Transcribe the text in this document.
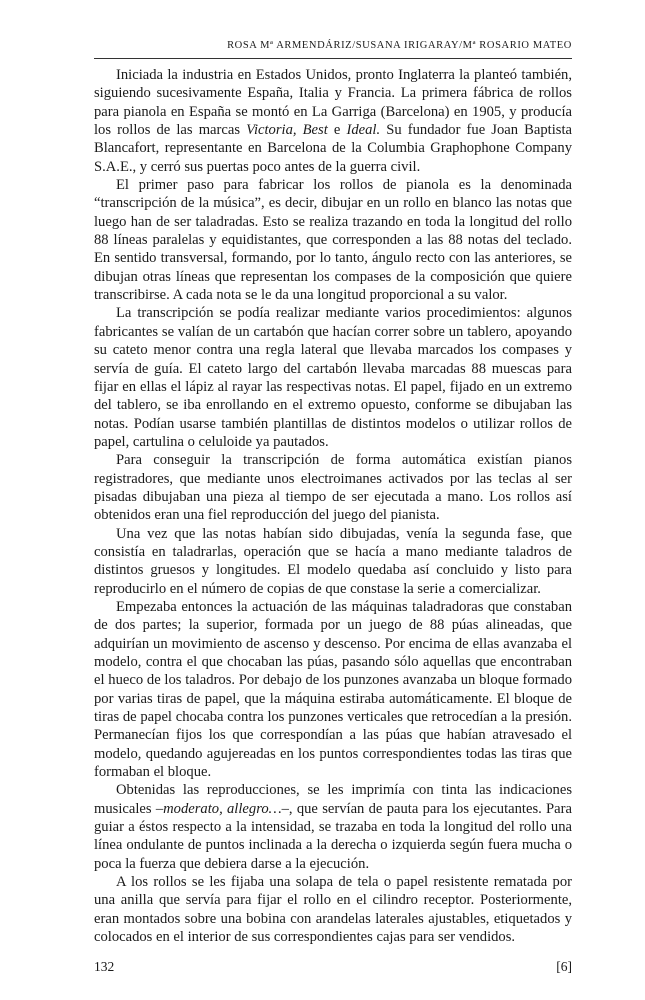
ROSA Mª ARMENDÁRIZ/SUSANA IRIGARAY/Mª ROSARIO MATEO

Iniciada la industria en Estados Unidos, pronto Inglaterra la planteó también, siguiendo sucesivamente España, Italia y Francia. La primera fábrica de rollos para pianola en España se montó en La Garriga (Barcelona) en 1905, y producía los rollos de las marcas Victoria, Best e Ideal. Su fundador fue Joan Baptista Blancafort, representante en Barcelona de la Columbia Graphophone Company S.A.E., y cerró sus puertas poco antes de la guerra civil.

El primer paso para fabricar los rollos de pianola es la denominada “transcripción de la música”, es decir, dibujar en un rollo en blanco las notas que luego han de ser taladradas. Esto se realiza trazando en toda la longitud del rollo 88 líneas paralelas y equidistantes, que corresponden a las 88 notas del teclado. En sentido transversal, formando, por lo tanto, ángulo recto con las anteriores, se dibujan otras líneas que representan los compases de la composición que quiere transcribirse. A cada nota se le da una longitud proporcional a su valor.

La transcripción se podía realizar mediante varios procedimientos: algunos fabricantes se valían de un cartabón que hacían correr sobre un tablero, apoyando su cateto menor contra una regla lateral que llevaba marcados los compases y servía de guía. El cateto largo del cartabón llevaba marcadas 88 muescas para fijar en ellas el lápiz al rayar las respectivas notas. El papel, fijado en un extremo del tablero, se iba enrollando en el extremo opuesto, conforme se dibujaban las notas. Podían usarse también plantillas de distintos modelos o utilizar rollos de papel, cartulina o celuloide ya pautados.

Para conseguir la transcripción de forma automática existían pianos registradores, que mediante unos electroimanes activados por las teclas al ser pisadas dibujaban una pieza al tiempo de ser ejecutada a mano. Los rollos así obtenidos eran una fiel reproducción del juego del pianista.

Una vez que las notas habían sido dibujadas, venía la segunda fase, que consistía en taladrarlas, operación que se hacía a mano mediante taladros de distintos gruesos y longitudes. El modelo quedaba así concluido y listo para reproducirlo en el número de copias de que constase la serie a comercializar.

Empezaba entonces la actuación de las máquinas taladradoras que constaban de dos partes; la superior, formada por un juego de 88 púas alineadas, que adquirían un movimiento de ascenso y descenso. Por encima de ellas avanzaba el modelo, contra el que chocaban las púas, pasando sólo aquellas que encontraban el hueco de los taladros. Por debajo de los punzones avanzaba un bloque formado por varias tiras de papel, que la máquina estiraba automáticamente. El bloque de tiras de papel chocaba contra los punzones verticales que retrocedían a la presión. Permanecían fijos los que correspondían a las púas que habían atravesado el modelo, quedando agujereadas en los puntos correspondientes todas las tiras que formaban el bloque.

Obtenidas las reproducciones, se les imprimía con tinta las indicaciones musicales –moderato, allegro…–, que servían de pauta para los ejecutantes. Para guiar a éstos respecto a la intensidad, se trazaba en toda la longitud del rollo una línea ondulante de puntos inclinada a la derecha o izquierda según fuera mucha o poca la fuerza que debiera darse a la ejecución.

A los rollos se les fijaba una solapa de tela o papel resistente rematada por una anilla que servía para fijar el rollo en el cilindro receptor. Posteriormente, eran montados sobre una bobina con arandelas laterales ajustables, etiquetados y colocados en el interior de sus correspondientes cajas para ser vendidos.

132	[6]
